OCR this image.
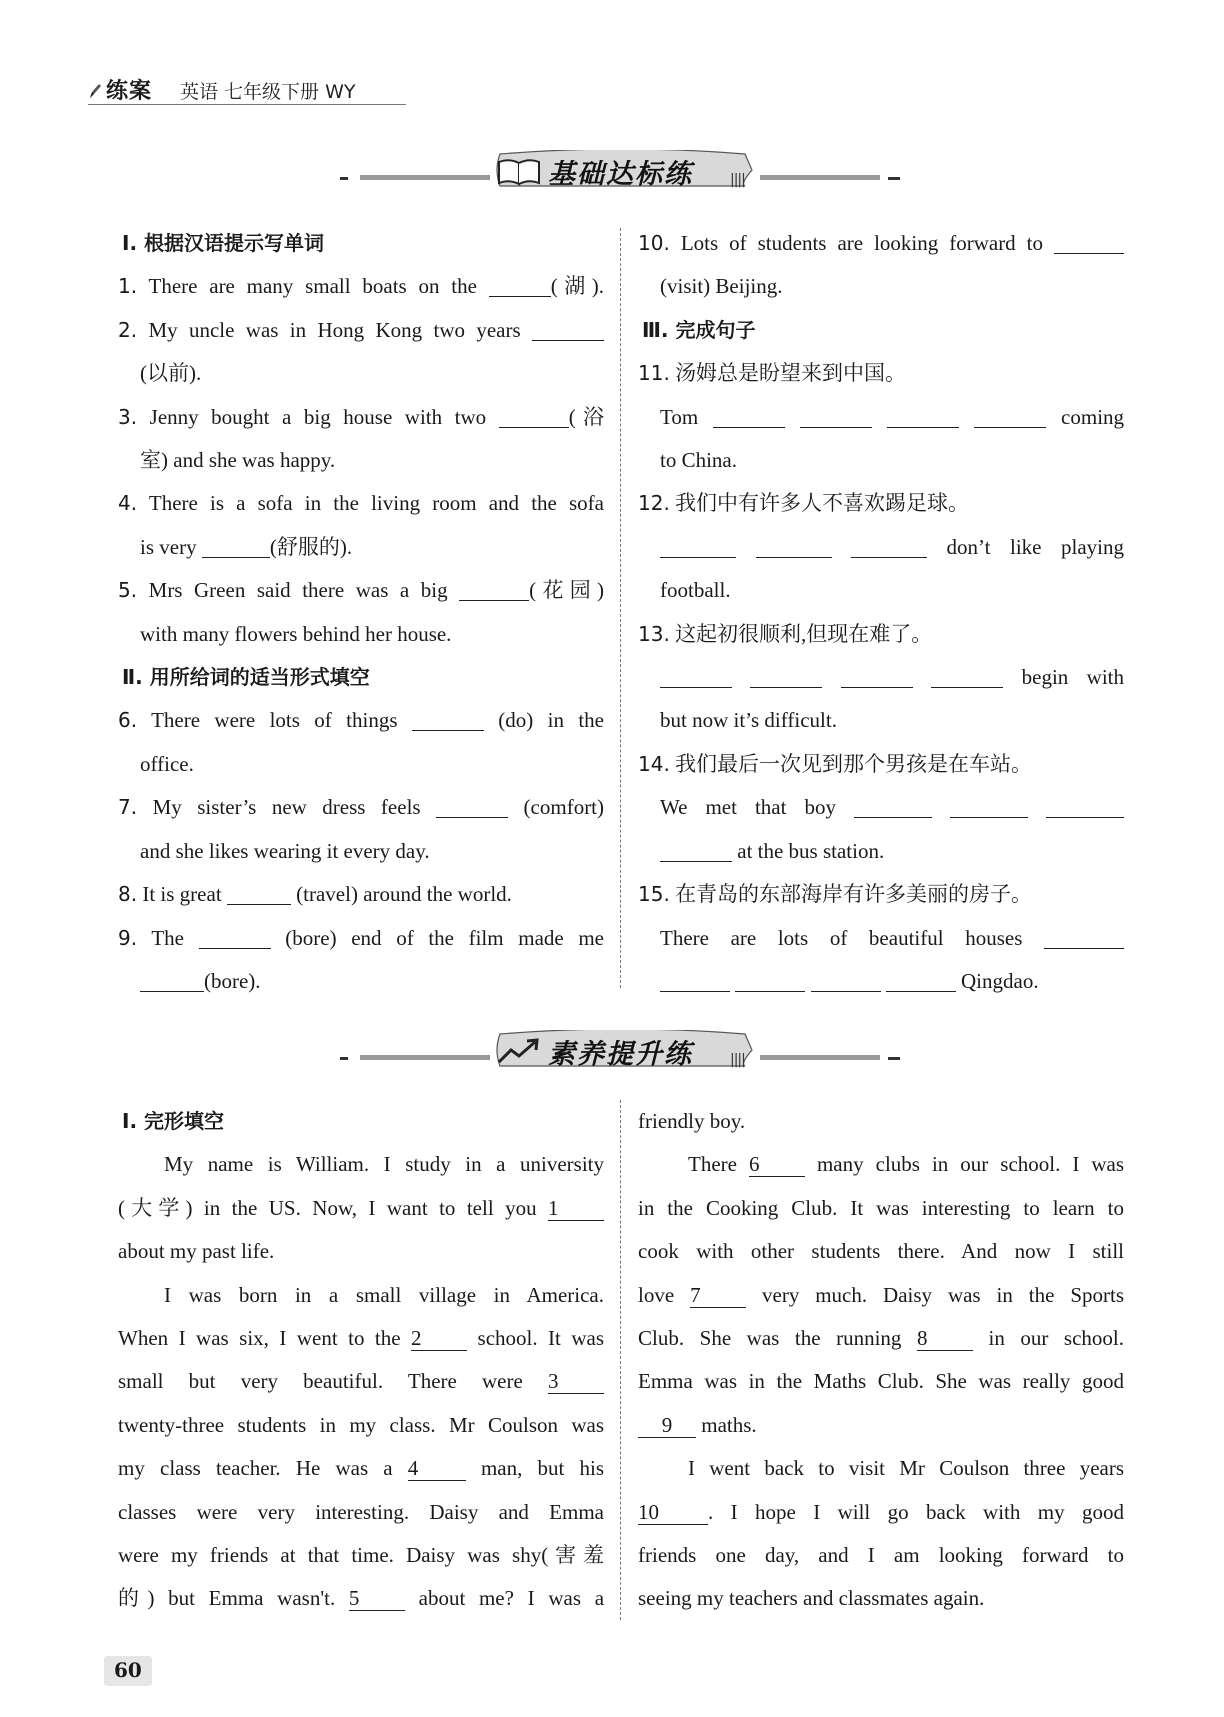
练案 英语 七年级下册 WY
基础达标练	||||
Ⅰ. 根据汉语提示写单词
1. There are many small boats on the	(湖).
2. My uncle was in Hong Kong two years
(以前).
3. Jenny bought a big house with two	(浴
室) and she was happy.
4. There is a sofa in the living room and the sofa
is very	(舒服的).
5. Mrs Green said there was a big	(花园)
with many flowers behind her house.
Ⅱ. 用所给词的适当形式填空
6. There were lots of things	(do) in the
office.
7. My sister’s new dress feels	(comfort)
and she likes wearing it every day.
8. It is great	(travel) around the world.
9. The	(bore) end of the film made me
(bore).
10. Lots of students are looking forward to
(visit) Beijing.
Ⅲ. 完成句子
11. 汤姆总是盼望来到中国。
Tom	coming
to China.
12. 我们中有许多人不喜欢踢足球。
don’t like playing
football.
13. 这起初很顺利,但现在难了。
begin with
but now it’s difficult.
14. 我们最后一次见到那个男孩是在车站。
We met that boy
at the bus station.
15. 在青岛的东部海岸有许多美丽的房子。
There are lots of beautiful houses
Qingdao.
素养提升练	||||
Ⅰ. 完形填空
My name is William. I study in a university
(大学) in the US. Now, I want to tell you 1
about my past life.
I was born in a small village in America.
When I was six, I went to the 2	school. It was
small but very beautiful. There were 3
twenty-three students in my class. Mr Coulson was
my class teacher. He was a 4	man, but his
classes were very interesting. Daisy and Emma
were my friends at that time. Daisy was shy(害羞
的) but Emma wasn't. 5	about me? I was a
friendly boy.
There 6	many clubs in our school. I was
in the Cooking Club. It was interesting to learn to
cook with other students there. And now I still
love 7	very much. Daisy was in the Sports
Club. She was the running 8	in our school.
Emma was in the Maths Club. She was really good
9 maths.
I went back to visit Mr Coulson three years
10 . I hope I will go back with my good
friends one day, and I am looking forward to
seeing my teachers and classmates again.
60
